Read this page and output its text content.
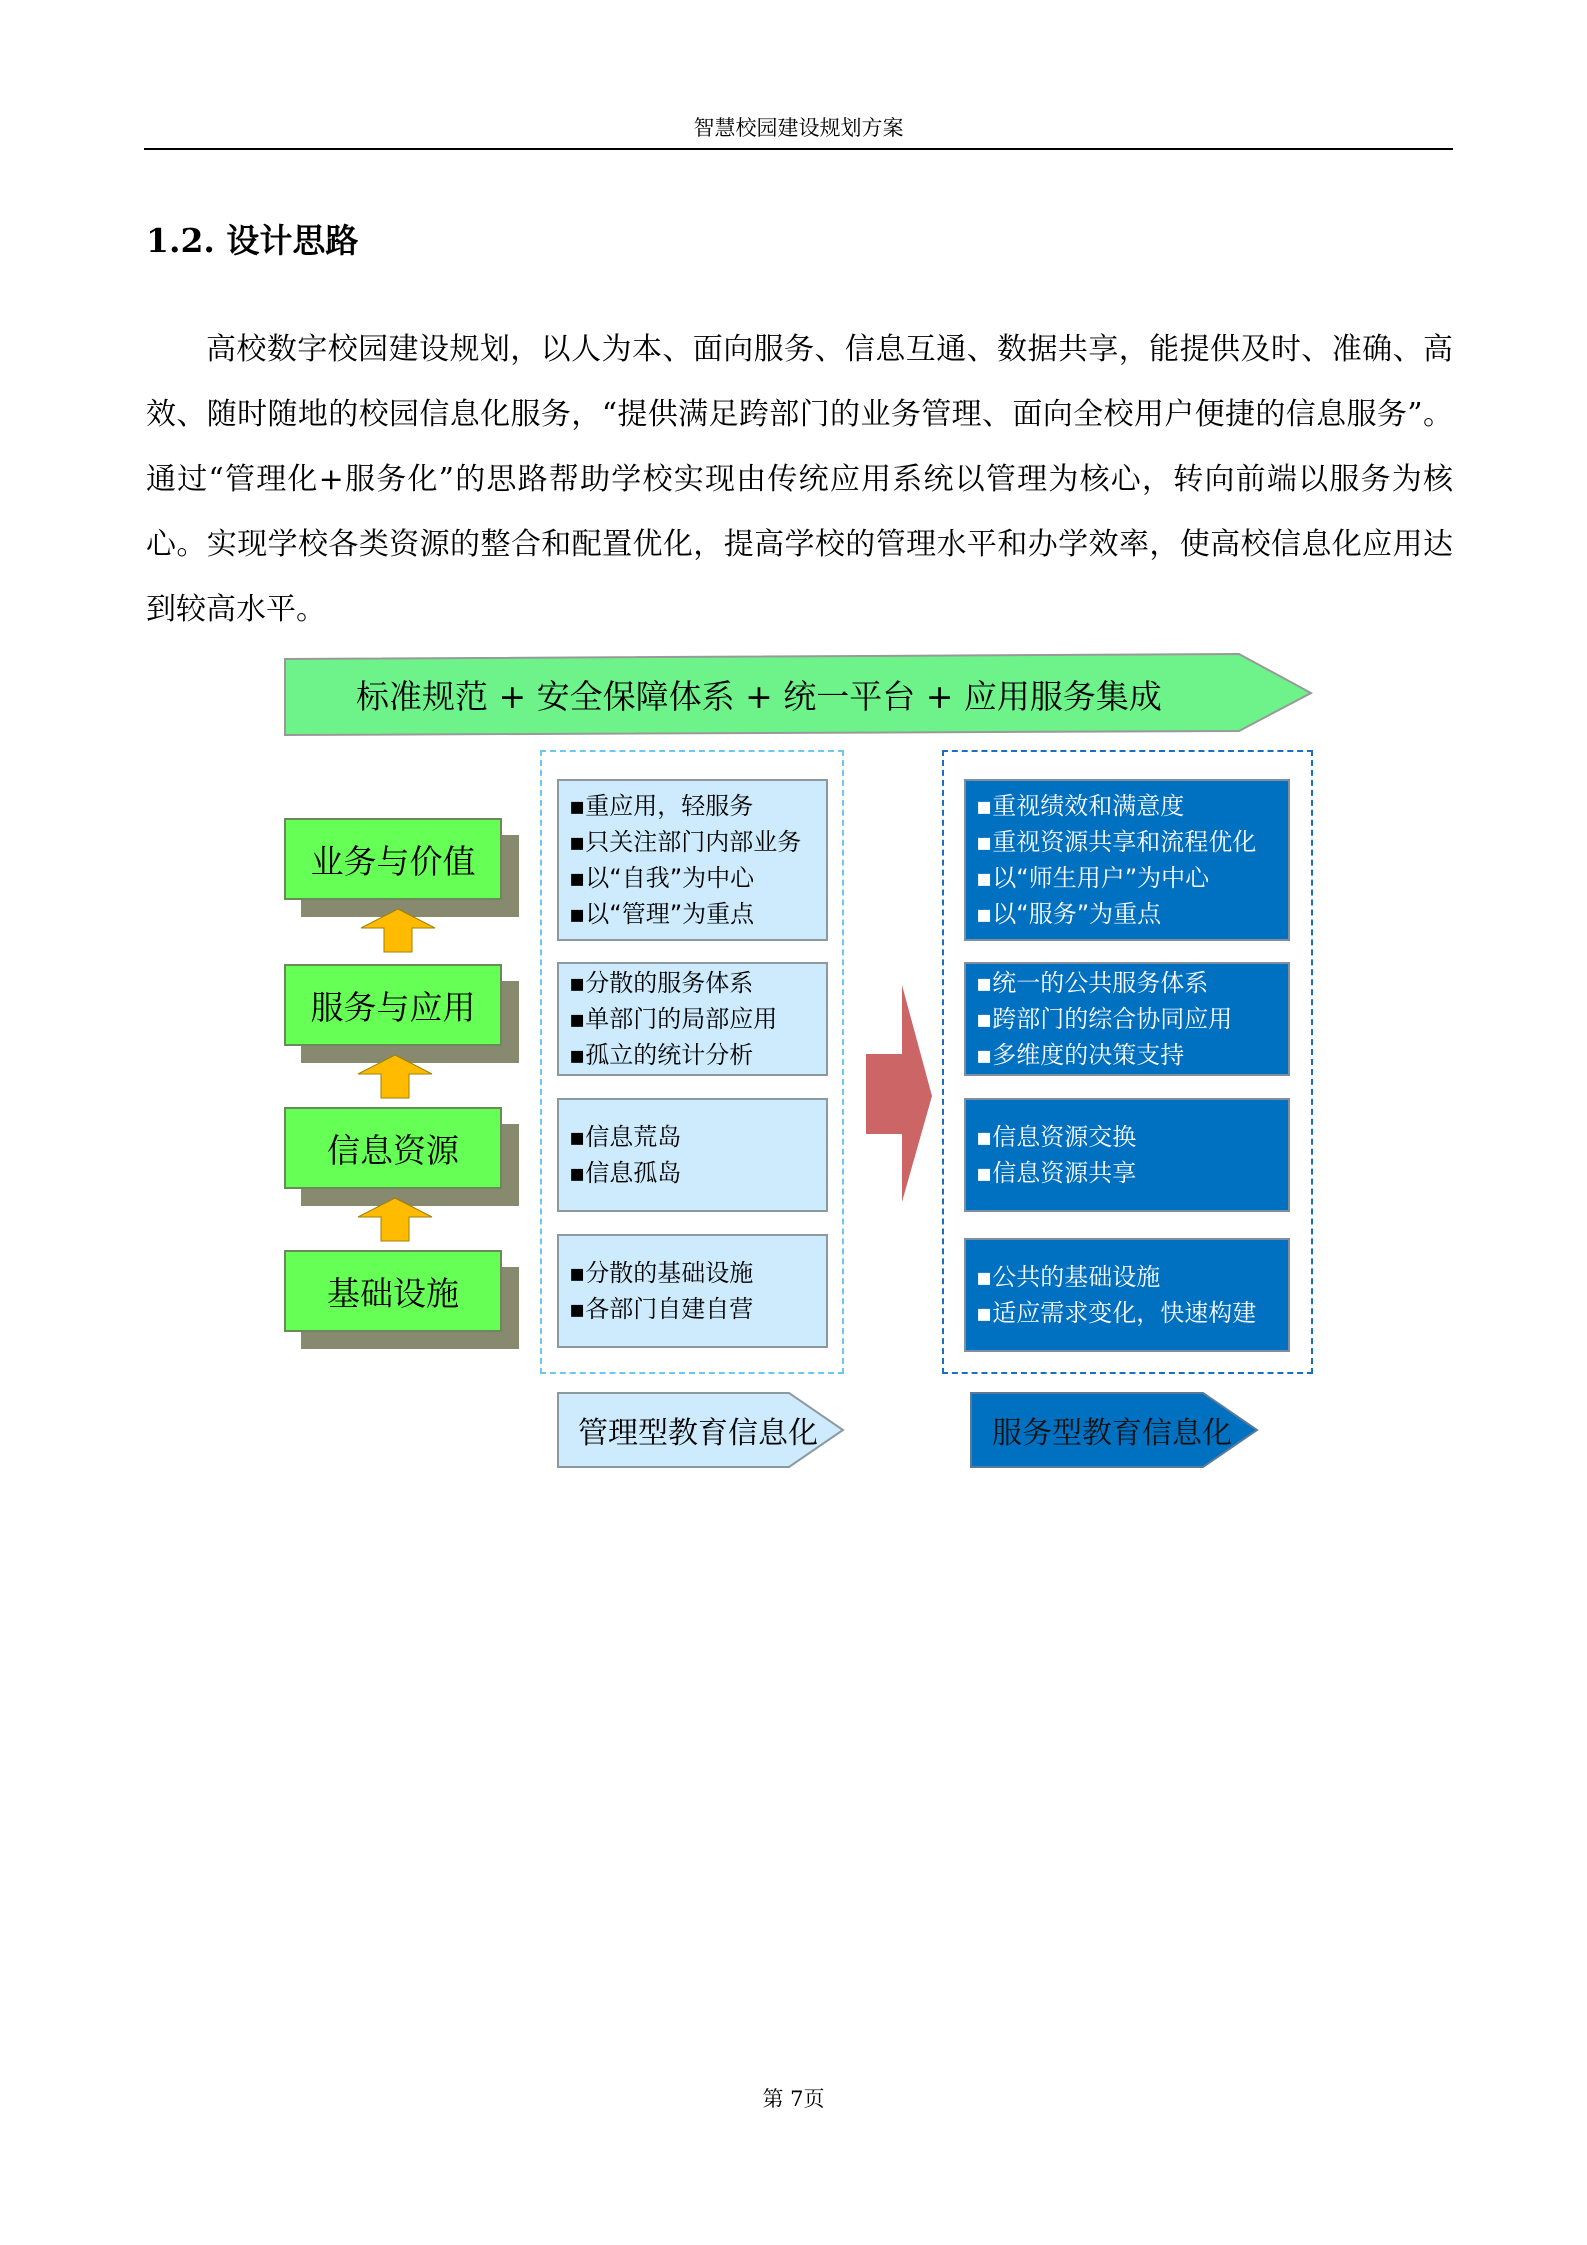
智慧校园建设规划方案
1.2. 设计思路
高校数字校园建设规划，以人为本、面向服务、信息互通、数据共享，能提供及时、准确、高效、随时随地的校园信息化服务，“提供满足跨部门的业务管理、面向全校用户便捷的信息服务”。通过“管理化+服务化”的思路帮助学校实现由传统应用系统以管理为核心，转向前端以服务为核心。实现学校各类资源的整合和配置优化，提高学校的管理水平和办学效率，使高校信息化应用达到较高水平。
标准规范 + 安全保障体系 + 统一平台 + 应用服务集成
业务与价值
服务与应用
信息资源
基础设施
▪重应用，轻服务
▪只关注部门内部业务
▪以“自我”为中心
▪以“管理”为重点
▪分散的服务体系
▪单部门的局部应用
▪孤立的统计分析
▪信息荒岛
▪信息孤岛
▪分散的基础设施
▪各部门自建自营
▪重视绩效和满意度
▪重视资源共享和流程优化
▪以“师生用户”为中心
▪以“服务”为重点
▪统一的公共服务体系
▪跨部门的综合协同应用
▪多维度的决策支持
▪信息资源交换
▪信息资源共享
▪公共的基础设施
▪适应需求变化，快速构建
管理型教育信息化	服务型教育信息化
第 7页
